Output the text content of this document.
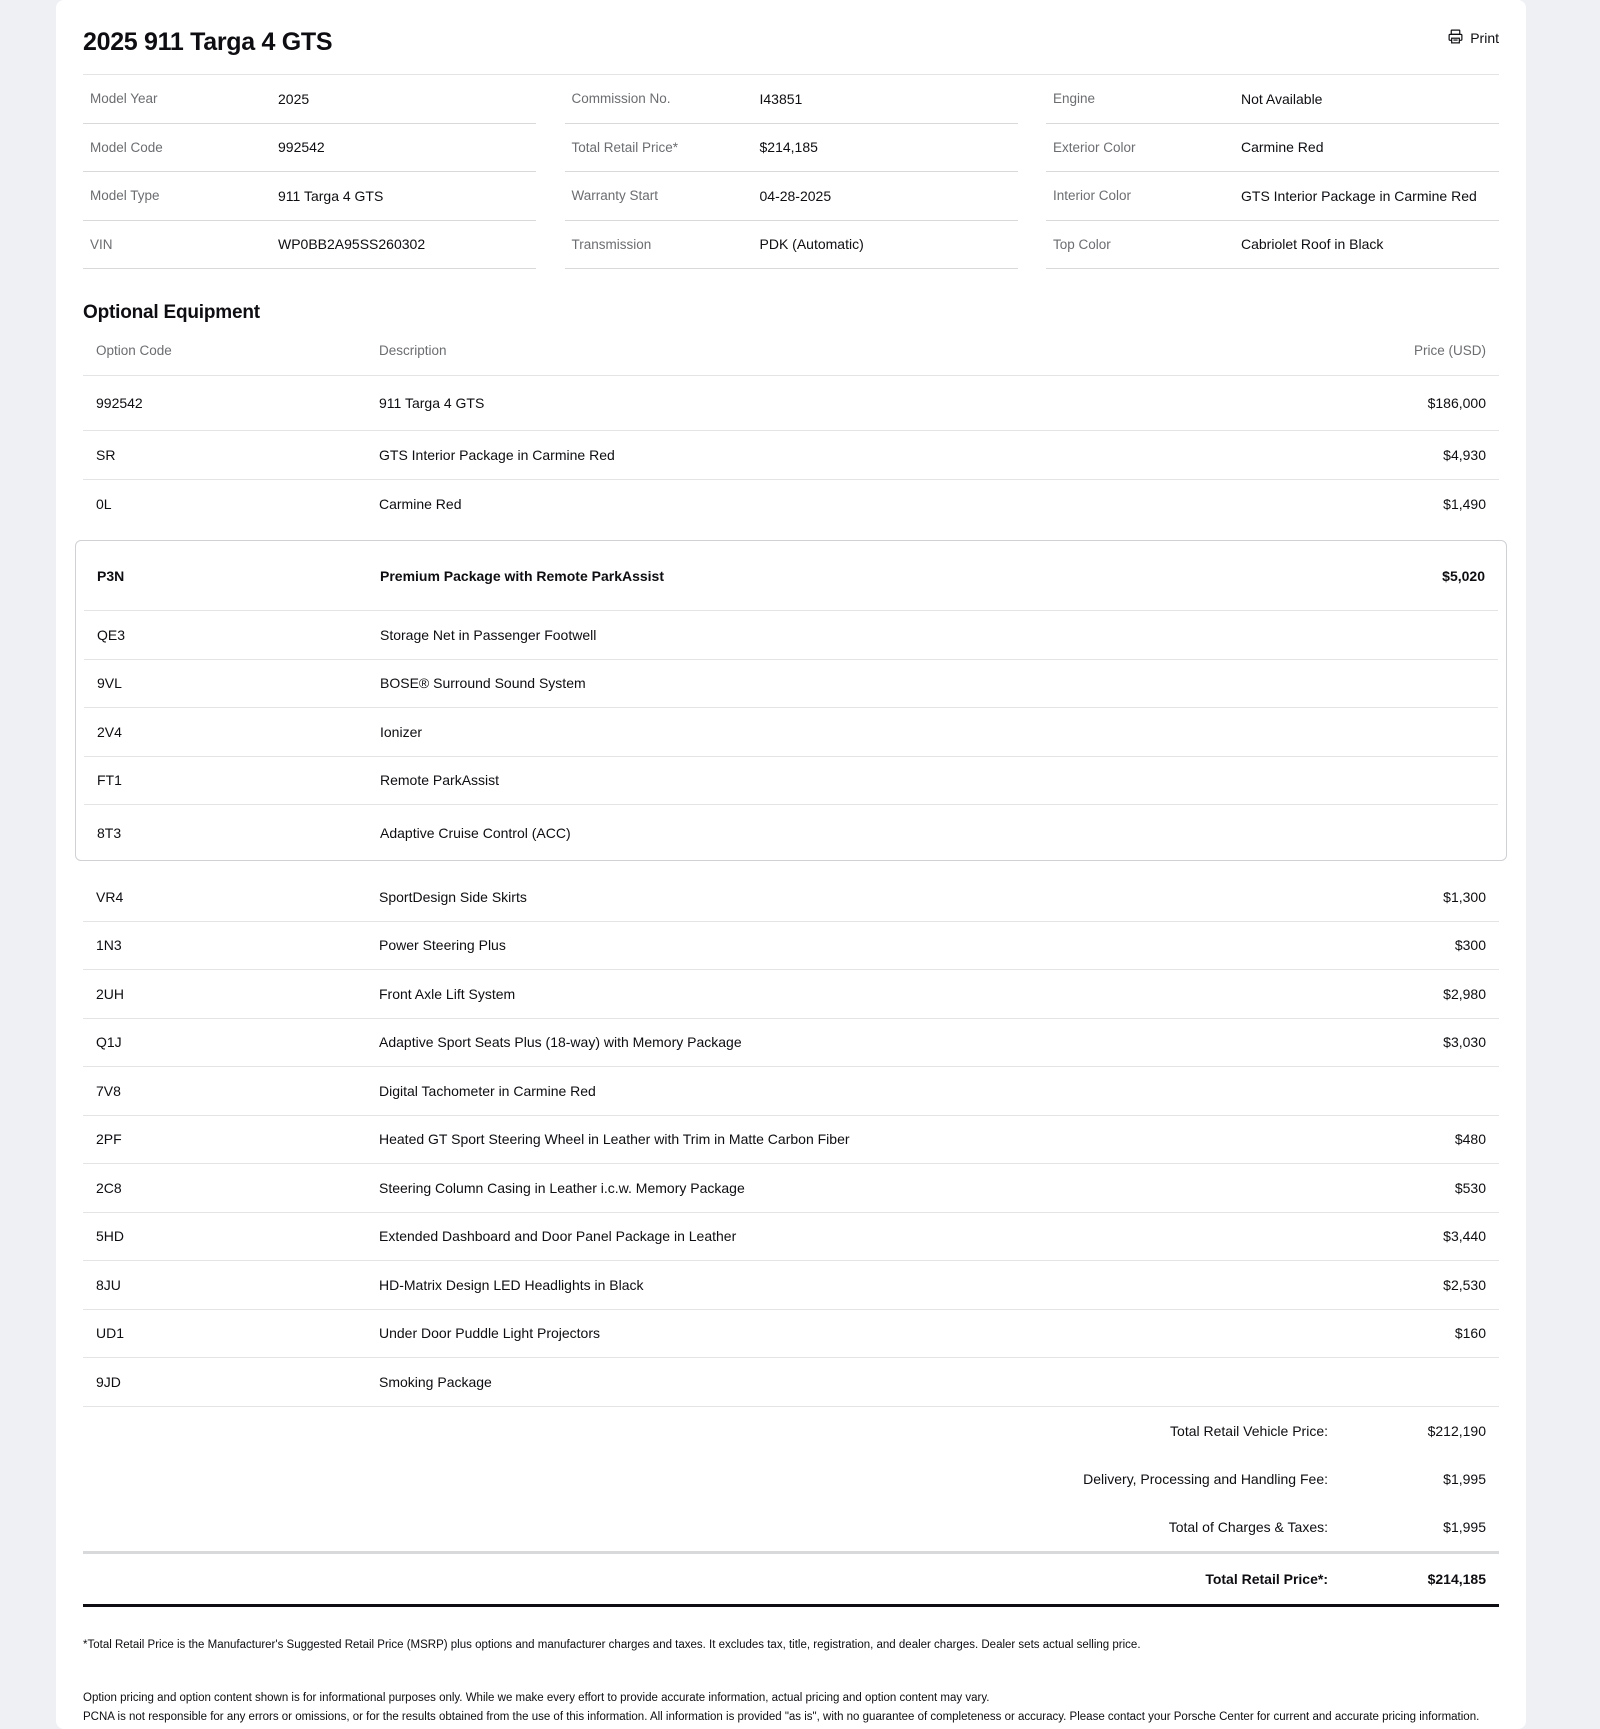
2025 911 Targa 4 GTS	Print
Model Year	2025
Model Code	992542
Model Type	911 Targa 4 GTS
VIN	WP0BB2A95SS260302
Commission No.	I43851
Total Retail Price*	$214,185
Warranty Start	04-28-2025
Transmission	PDK (Automatic)
Engine	Not Available
Exterior Color	Carmine Red
Interior Color	GTS Interior Package in Carmine Red
Top Color	Cabriolet Roof in Black
Optional Equipment
Option Code	Description	Price (USD)
992542	911 Targa 4 GTS	$186,000
SR	GTS Interior Package in Carmine Red	$4,930
0L	Carmine Red	$1,490
P3N	Premium Package with Remote ParkAssist	$5,020
QE3	Storage Net in Passenger Footwell
9VL	BOSE® Surround Sound System
2V4	Ionizer
FT1	Remote ParkAssist
8T3	Adaptive Cruise Control (ACC)
VR4	SportDesign Side Skirts	$1,300
1N3	Power Steering Plus	$300
2UH	Front Axle Lift System	$2,980
Q1J	Adaptive Sport Seats Plus (18-way) with Memory Package	$3,030
7V8	Digital Tachometer in Carmine Red
2PF	Heated GT Sport Steering Wheel in Leather with Trim in Matte Carbon Fiber	$480
2C8	Steering Column Casing in Leather i.c.w. Memory Package	$530
5HD	Extended Dashboard and Door Panel Package in Leather	$3,440
8JU	HD-Matrix Design LED Headlights in Black	$2,530
UD1	Under Door Puddle Light Projectors	$160
9JD	Smoking Package
Total Retail Vehicle Price:	$212,190
Delivery, Processing and Handling Fee:	$1,995
Total of Charges & Taxes:	$1,995
Total Retail Price*:	$214,185

*Total Retail Price is the Manufacturer's Suggested Retail Price (MSRP) plus options and manufacturer charges and taxes. It excludes tax, title, registration, and dealer charges. Dealer sets actual selling price.

Option pricing and option content shown is for informational purposes only. While we make every effort to provide accurate information, actual pricing and option content may vary.
PCNA is not responsible for any errors or omissions, or for the results obtained from the use of this information. All information is provided "as is", with no guarantee of completeness or accuracy. Please contact your Porsche Center for current and accurate pricing information.
